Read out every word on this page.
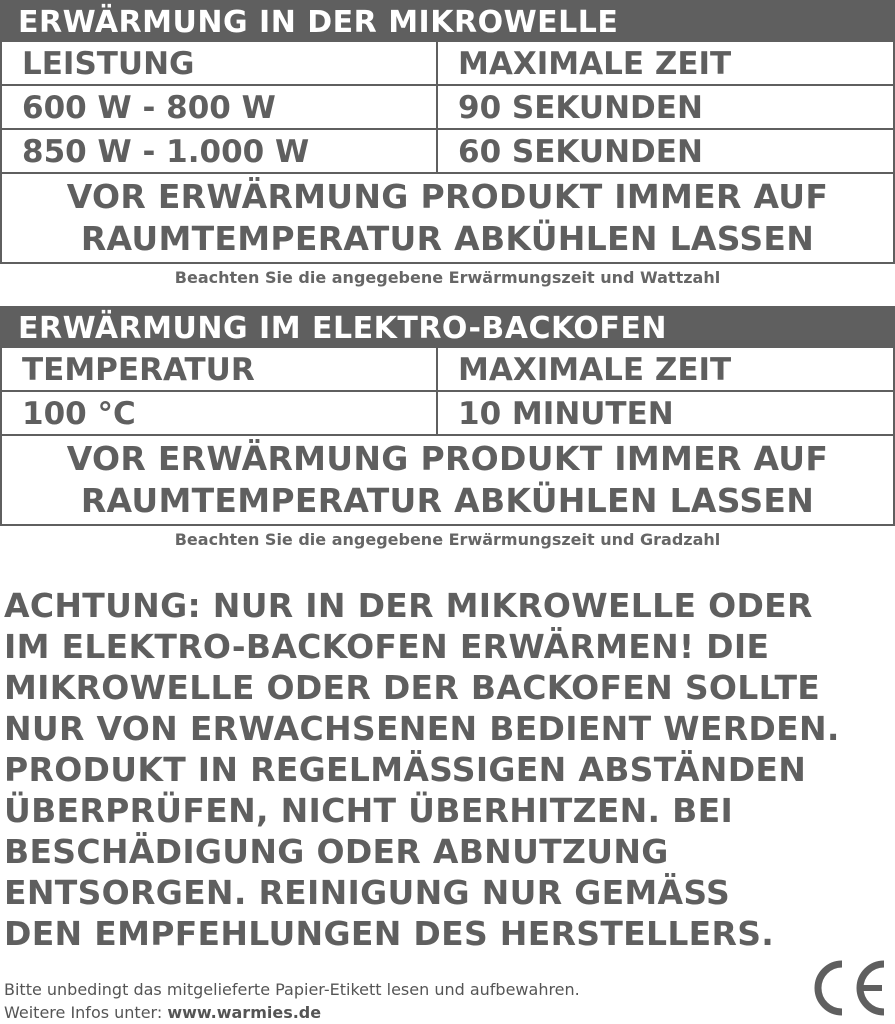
ERWÄRMUNG IN DER MIKROWELLE
LEISTUNG	MAXIMALE ZEIT
600 W - 800 W	90 SEKUNDEN
850 W - 1.000 W	60 SEKUNDEN
VOR ERWÄRMUNG PRODUKT IMMER AUF
RAUMTEMPERATUR ABKÜHLEN LASSEN
Beachten Sie die angegebene Erwärmungszeit und Wattzahl
ERWÄRMUNG IM ELEKTRO-BACKOFEN
TEMPERATUR	MAXIMALE ZEIT
100 °C	10 MINUTEN
VOR ERWÄRMUNG PRODUKT IMMER AUF
RAUMTEMPERATUR ABKÜHLEN LASSEN
Beachten Sie die angegebene Erwärmungszeit und Gradzahl
ACHTUNG: NUR IN DER MIKROWELLE ODER
IM ELEKTRO-BACKOFEN ERWÄRMEN! DIE
MIKROWELLE ODER DER BACKOFEN SOLLTE
NUR VON ERWACHSENEN BEDIENT WERDEN.
PRODUKT IN REGELMÄSSIGEN ABSTÄNDEN
ÜBERPRÜFEN, NICHT ÜBERHITZEN. BEI
BESCHÄDIGUNG ODER ABNUTZUNG
ENTSORGEN. REINIGUNG NUR GEMÄSS
DEN EMPFEHLUNGEN DES HERSTELLERS.
Bitte unbedingt das mitgelieferte Papier-Etikett lesen und aufbewahren.
Weitere Infos unter: www.warmies.de
